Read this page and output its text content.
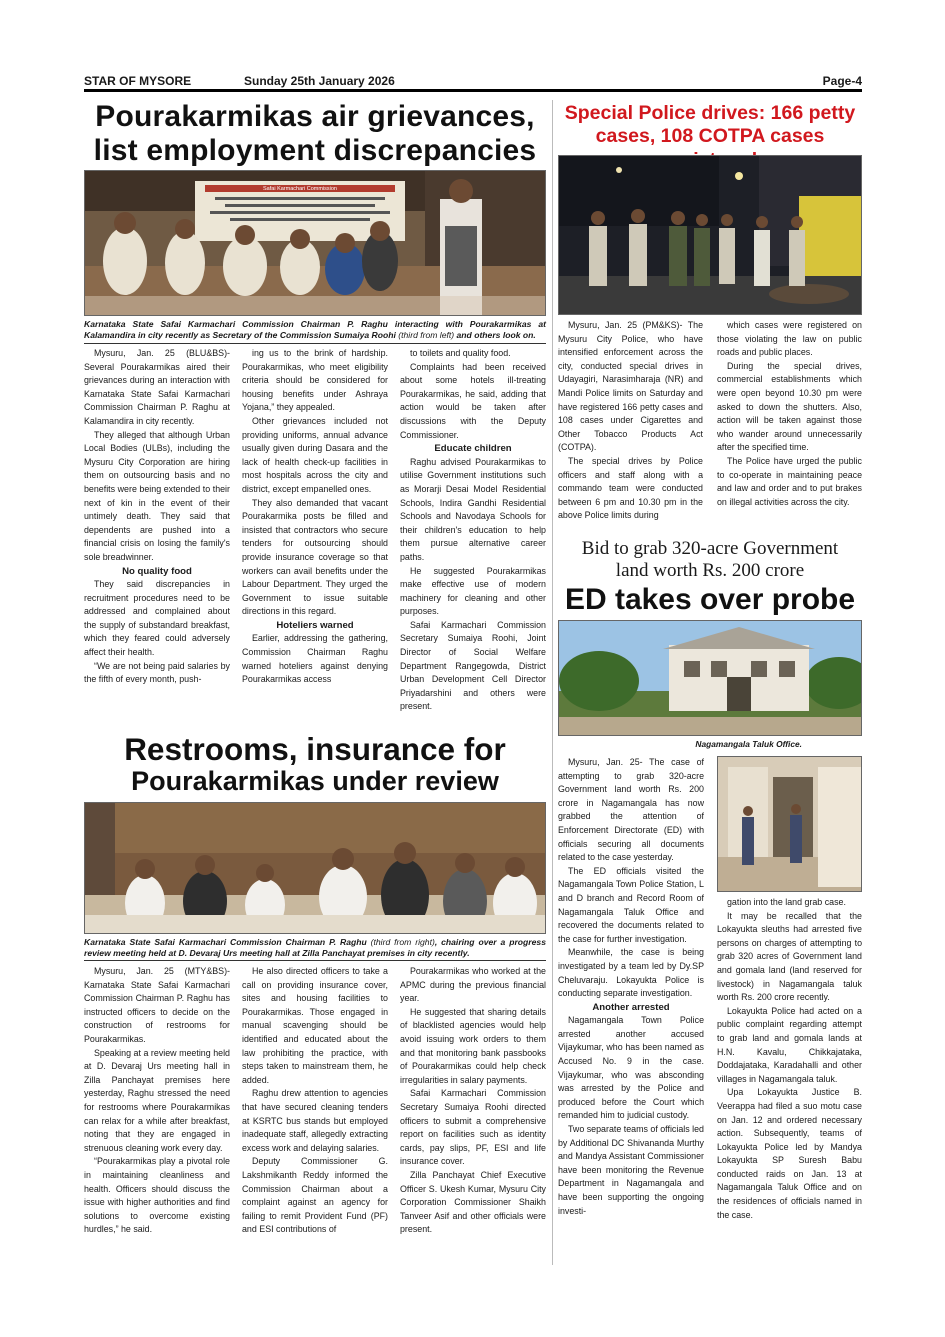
STAR OF MYSORE	Sunday 25th January 2026	Page-4
Pourakarmikas air grievances,
list employment discrepancies
Safai Karmachari Commission
Karnataka State Safai Karmachari Commission Chairman P. Raghu interacting with Pourakarmikas at Kalamandira in city recently as Secretary of the Commission Sumaiya Roohi (third from left) and others look on.

Mysuru, Jan. 25 (BLU&BS)- Several Pourakarmikas aired their grievances during an interaction with Karnataka State Safai Karmachari Commission Chairman P. Raghu at Kalamandira in city recently.

They alleged that although Urban Local Bodies (ULBs), including the Mysuru City Corporation are hiring them on outsourcing basis and no benefits were being extended to their next of kin in the event of their untimely death. They said that dependents are pushed into a financial crisis on losing the family's sole breadwinner.

No quality food

They said discrepancies in recruitment procedures need to be addressed and complained about the supply of substandard breakfast, which they feared could adversely affect their health.

“We are not being paid salaries by the fifth of every month, push-

ing us to the brink of hardship. Pourakarmikas, who meet eligibility criteria should be considered for housing benefits under Ashraya Yojana,” they appealed.

Other grievances included not providing uniforms, annual advance usually given during Dasara and the lack of health check-up facilities in most hospitals across the city and district, except empanelled ones.

They also demanded that vacant Pourakarmika posts be filled and insisted that contractors who secure tenders for outsourcing should provide insurance coverage so that workers can avail benefits under the Labour Department. They urged the Government to issue suitable directions in this regard.

Hoteliers warned

Earlier, addressing the gathering, Commission Chairman Raghu warned hoteliers against denying Pourakarmikas access

to toilets and quality food.

Complaints had been received about some hotels ill-treating Pourakarmikas, he said, adding that action would be taken after discussions with the Deputy Commissioner.

Educate children

Raghu advised Pourakarmikas to utilise Government institutions such as Morarji Desai Model Residential Schools, Indira Gandhi Residential Schools and Navodaya Schools for their children's education to help them pursue alternative career paths.

He suggested Pourakarmikas make effective use of modern machinery for cleaning and other purposes.

Safai Karmachari Commission Secretary Sumaiya Roohi, Joint Director of Social Welfare Department Rangegowda, District Urban Development Cell Director Priyadarshini and others were present.

Special Police drives: 166 petty
cases, 108 COTPA cases

Mysuru, Jan. 25 (PM&KS)- The Mysuru City Police, who have intensified enforcement across the city, conducted special drives in Udayagiri, Narasimharaja (NR) and Mandi Police limits on Saturday and have registered 166 petty cases and 108 cases under Cigarettes and Other Tobacco Products Act (COTPA).

The special drives by Police officers and staff along with a commando team were conducted between 6 pm and 10.30 pm in the above Police limits during

which cases were registered on those violating the law on public roads and public places.

During the special drives, commercial establishments which were open beyond 10.30 pm were asked to down the shutters. Also, action will be taken against those who wander around unnecessarily after the specified time.

The Police have urged the public to co-operate in maintaining peace and law and order and to put brakes on illegal activities across the city.

Bid to grab 320-acre Government
land worth Rs. 200 crore
ED takes over probe
Nagamangala Taluk Office.

Mysuru, Jan. 25- The case of attempting to grab 320-acre Government land worth Rs. 200 crore in Nagamangala has now grabbed the attention of Enforcement Directorate (ED) with officials securing all documents related to the case yesterday.

The ED officials visited the Nagamangala Town Police Station, L and D branch and Record Room of Nagamangala Taluk Office and recovered the documents related to the case for further investigation.

Meanwhile, the case is being investigated by a team led by Dy.SP Cheluvaraju. Lokayukta Police is conducting separate investigation.

Another arrested

Nagamangala Town Police arrested another accused Vijaykumar, who has been named as Accused No. 9 in the case. Vijaykumar, who was absconding was arrested by the Police and produced before the Court which remanded him to judicial custody.

Two separate teams of officials led by Additional DC Shivananda Murthy and Mandya Assistant Commissioner have been monitoring the Revenue Department in Nagamangala and have been supporting the ongoing investi-

gation into the land grab case.

It may be recalled that the Lokayukta sleuths had arrested five persons on charges of attempting to grab 320 acres of Government land and gomala land (land reserved for livestock) in Nagamangala taluk worth Rs. 200 crore recently.

Lokayukta Police had acted on a public complaint regarding attempt to grab land and gomala lands at H.N. Kavalu, Chikkajataka, Doddajataka, Karadahalli and other villages in Nagamangala taluk.

Upa Lokayukta Justice B. Veerappa had filed a suo motu case on Jan. 12 and ordered necessary action. Subsequently, teams of Lokayukta Police led by Mandya Lokayukta SP Suresh Babu conducted raids on Jan. 13 at Nagamangala Taluk Office and on the residences of officials named in the case.

Restrooms, insurance for
Pourakarmikas under review
Karnataka State Safai Karmachari Commission Chairman P. Raghu (third from right), chairing over a progress review meeting held at D. Devaraj Urs meeting hall at Zilla Panchayat premises in city recently.

Mysuru, Jan. 25 (MTY&BS)- Karnataka State Safai Karmachari Commission Chairman P. Raghu has instructed officers to decide on the construction of restrooms for Pourakarmikas.

Speaking at a review meeting held at D. Devaraj Urs meeting hall in Zilla Panchayat premises here yesterday, Raghu stressed the need for restrooms where Pourakarmikas can relax for a while after breakfast, noting that they are engaged in strenuous cleaning work every day.

“Pourakarmikas play a pivotal role in maintaining cleanliness and health. Officers should discuss the issue with higher authorities and find solutions to overcome existing hurdles,” he said.

He also directed officers to take a call on providing insurance cover, sites and housing facilities to Pourakarmikas. Those engaged in manual scavenging should be identified and educated about the law prohibiting the practice, with steps taken to mainstream them, he added.

Raghu drew attention to agencies that have secured cleaning tenders at KSRTC bus stands but employed inadequate staff, allegedly extracting excess work and delaying salaries.

Deputy Commissioner G. Lakshmikanth Reddy informed the Commission Chairman about a complaint against an agency for failing to remit Provident Fund (PF) and ESI contributions of

Pourakarmikas who worked at the APMC during the previous financial year.

He suggested that sharing details of blacklisted agencies would help avoid issuing work orders to them and that monitoring bank passbooks of Pourakarmikas could help check irregularities in salary payments.

Safai Karmachari Commission Secretary Sumaiya Roohi directed officers to submit a comprehensive report on facilities such as identity cards, pay slips, PF, ESI and life insurance cover.

Zilla Panchayat Chief Executive Officer S. Ukesh Kumar, Mysuru City Corporation Commissioner Shaikh Tanveer Asif and other officials were present.
